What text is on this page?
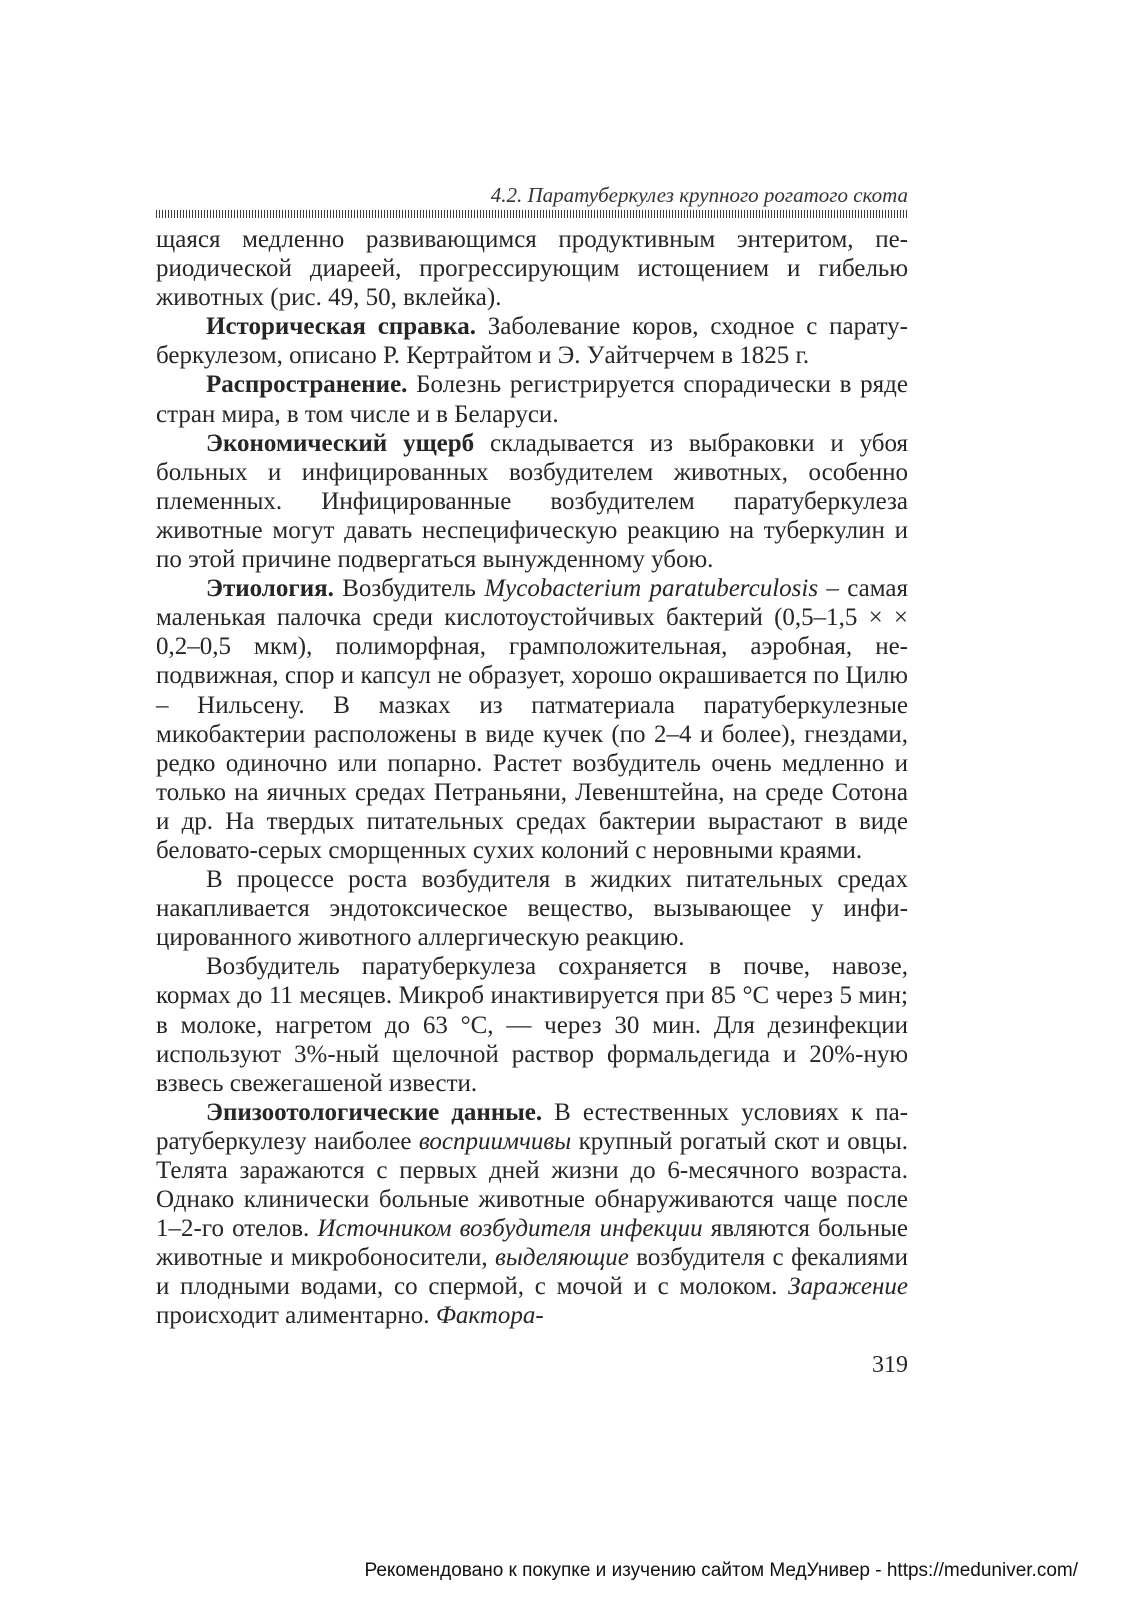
4.2. Паратуберкулез крупного рогатого скота

щаяся медленно развивающимся продуктивным энтеритом, периодической диареей, прогрессирующим истощением и гибелью животных (рис. 49, 50, вклейка).

Историческая справка. Заболевание коров, сходное с паратуберкулезом, описано Р. Кертрайтом и Э. Уайтчерчем в 1825 г.

Распространение. Болезнь регистрируется спорадически в ряде стран мира, в том числе и в Беларуси.

Экономический ущерб складывается из выбраковки и убоя больных и инфицированных возбудителем животных, особенно племенных. Инфицированные возбудителем паратуберкулеза животные могут давать неспецифическую реакцию на туберкулин и по этой причине подвергаться вынужденному убою.

Этиология. Возбудитель Mycobacterium paratuberculosis – самая маленькая палочка среди кислотоустойчивых бактерий (0,5–1,5 × × 0,2–0,5 мкм), полиморфная, грамположительная, аэробная, неподвижная, спор и капсул не образует, хорошо окрашивается по Цилю – Нильсену. В мазках из патматериала паратуберкулезные микобактерии расположены в виде кучек (по 2–4 и более), гнездами, редко одиночно или попарно. Растет возбудитель очень медленно и только на яичных средах Петраньяни, Левенштейна, на среде Сотона и др. На твердых питательных средах бактерии вырастают в виде беловато-серых сморщенных сухих колоний с неровными краями.

В процессе роста возбудителя в жидких питательных средах накапливается эндотоксическое вещество, вызывающее у инфицированного животного аллергическую реакцию.

Возбудитель паратуберкулеза сохраняется в почве, навозе, кормах до 11 месяцев. Микроб инактивируется при 85 °С через 5 мин; в молоке, нагретом до 63 °С, — через 30 мин. Для дезинфекции используют 3%-ный щелочной раствор формальдегида и 20%-ную взвесь свежегашеной извести.

Эпизоотологические данные. В естественных условиях к паратуберкулезу наиболее восприимчивы крупный рогатый скот и овцы. Телята заражаются с первых дней жизни до 6-месячного возраста. Однако клинически больные животные обнаруживаются чаще после 1–2-го отелов. Источником возбудителя инфекции являются больные животные и микробоносители, выделяющие возбудителя с фекалиями и плодными водами, со спермой, с мочой и с молоком. Заражение происходит алиментарно. Фактора-

319
Рекомендовано к покупке и изучению сайтом МедУнивер - https://meduniver.com/
